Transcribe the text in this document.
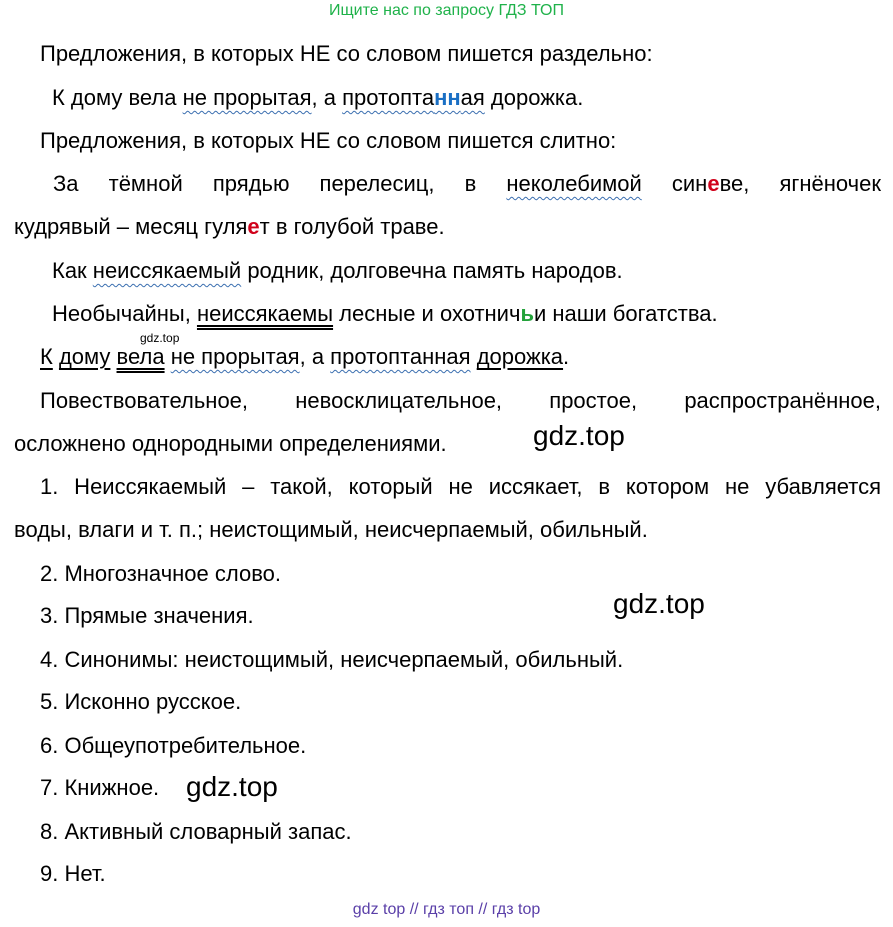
Ищите нас по запросу ГДЗ ТОП
Предложения, в которых НЕ со словом пишется раздельно:
К дому вела не прорытая, а протоптанная дорожка.
Предложения, в которых НЕ со словом пишется слитно:
За тёмной прядью перелесиц, в неколебимой синеве, ягнёночек
кудрявый – месяц гуляет в голубой траве.
Как неиссякаемый родник, долговечна память народов.
Необычайны, неиссякаемы лесные и охотничьи наши богатства.
gdz.top
К дому вела не прорытая, а протоптанная дорожка.
Повествовательное, невосклицательное, простое, распространённое,
осложнено однородными определениями.	gdz.top
1. Неиссякаемый – такой, который не иссякает, в котором не убавляется
воды, влаги и т. п.; неистощимый, неисчерпаемый, обильный.
2. Многозначное слово.
3. Прямые значения.	gdz.top
4. Синонимы: неистощимый, неисчерпаемый, обильный.
5. Исконно русское.
6. Общеупотребительное.
7. Книжное. gdz.top
8. Активный словарный запас.
9. Нет.
gdz top // гдз топ // гдз top
